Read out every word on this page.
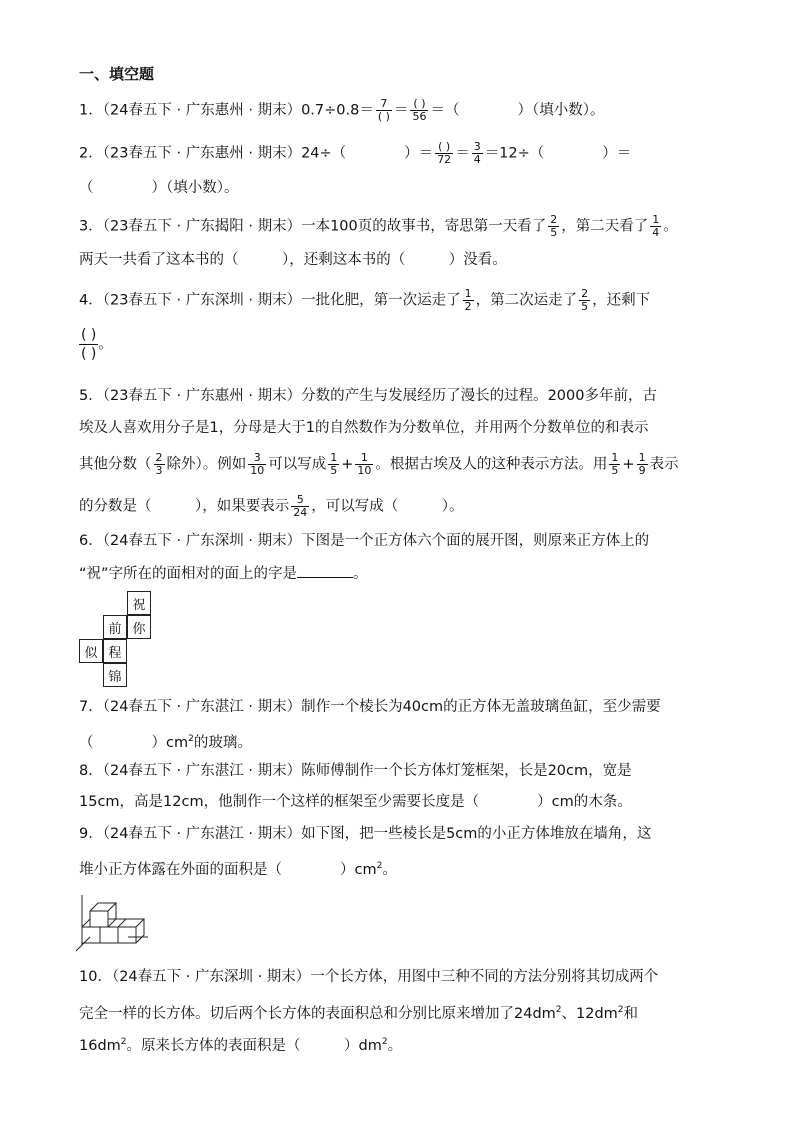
一、填空题
1．（24春五下 · 广东惠州 · 期末）$0.7\div 0.8= \frac{7}{( )} = \frac{( )}{56}$ ＝（　　　　）（填小数）。
2．（23春五下 · 广东惠州 · 期末）24÷（　　　　）＝ $\frac{( )}{72} = \frac{3}{4} =12\div$（　　　　）＝
（　　　　）（填小数）。
3．（23春五下 · 广东揭阳 · 期末）一本100页的故事书，寄思第一天看了 $\frac{2}{5}$ ，第二天看了 $\frac{1}{4}$ 。
两天一共看了这本书的（　　　），还剩这本书的（　　　）没看。
4．（23春五下 · 广东深圳 · 期末）一批化肥，第一次运走了 $\frac{1}{2}$ ，第二次运走了 $\frac{2}{5}$ ，还剩下
$\frac{( )}{( )}$ 。
5．（23春五下 · 广东惠州 · 期末）分数的产生与发展经历了漫长的过程。2000多年前，古
埃及人喜欢用分子是1，分母是大于1的自然数作为分数单位，并用两个分数单位的和表示
其他分数（ $\frac{2}{3}$ 除外）。例如 $\frac{3}{10}$ 可以写成 $\frac{1}{5} + \frac{1}{10}$ 。根据古埃及人的这种表示方法。用 $\frac{1}{5} + \frac{1}{9}$ 表示
的分数是（　　　），如果要表示 $\frac{5}{24}$ ，可以写成（　　　）。
6．（24春五下 · 广东深圳 · 期末）下图是一个正方体六个面的展开图，则原来正方体上的
“祝”字所在的面相对的面上的字是	。
祝
前 你
似 程
锦
7．（24春五下 · 广东湛江 · 期末）制作一个棱长为40cm的正方体无盖玻璃鱼缸，至少需要
（　　　　）$cm^2$的玻璃。
8．（24春五下 · 广东湛江 · 期末）陈师傅制作一个长方体灯笼框架，长是20cm，宽是
15cm，高是12cm，他制作一个这样的框架至少需要长度是（　　　　）cm的木条。
9．（24春五下 · 广东湛江 · 期末）如下图，把一些棱长是5cm的小正方体堆放在墙角，这
堆小正方体露在外面的面积是（　　　　）$cm^2$。
10．（24春五下 · 广东深圳 · 期末）一个长方体，用图中三种不同的方法分别将其切成两个
完全一样的长方体。切后两个长方体的表面积总和分别比原来增加了$24dm^2$、$12dm^2$和
$16dm^2$。原来长方体的表面积是（　　　）$dm^2$。
